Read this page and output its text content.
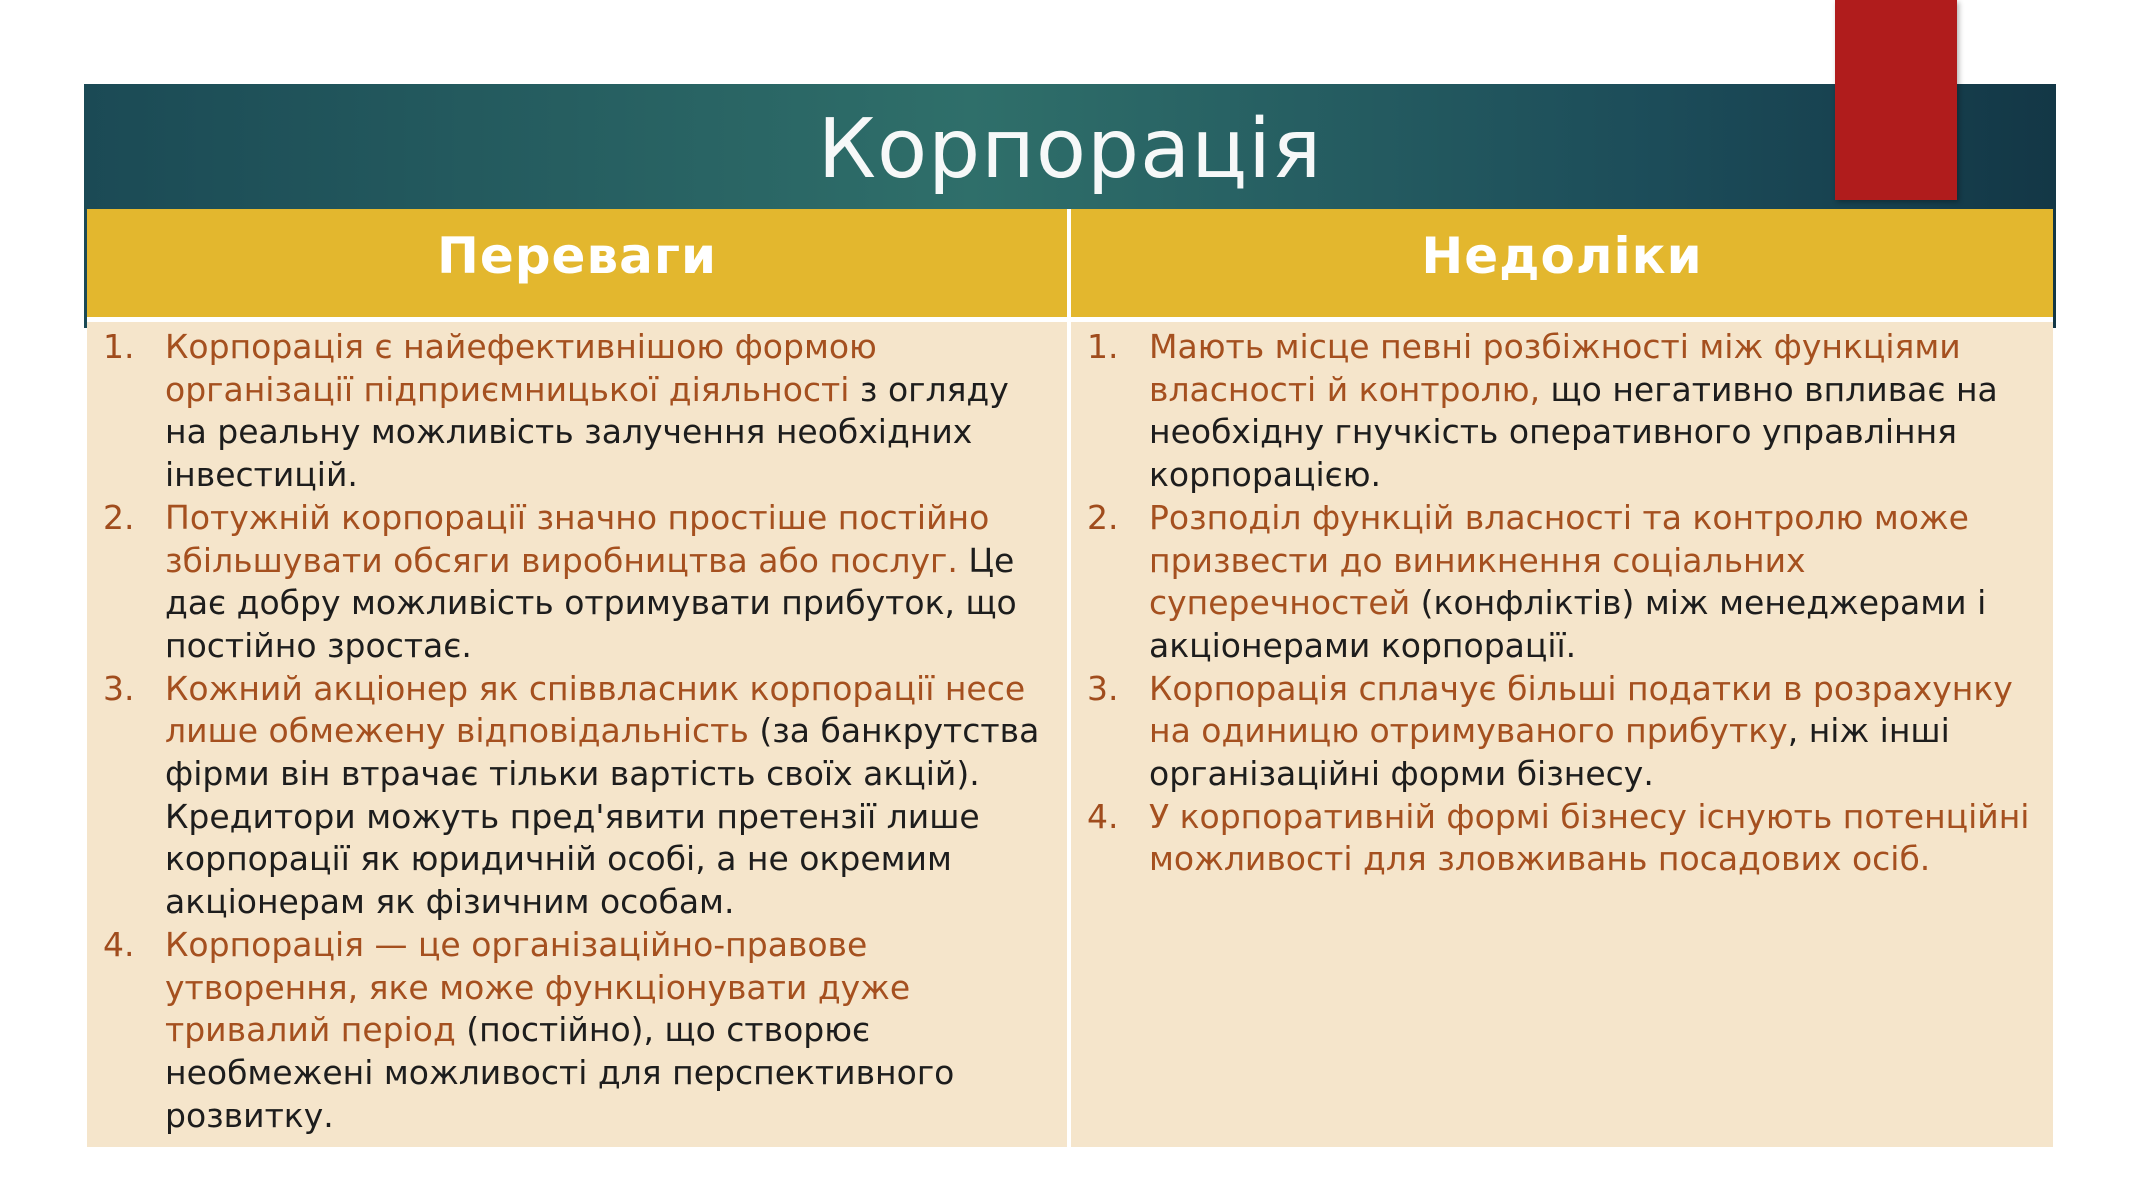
Корпорація
Переваги
1. Корпорація є найефективнішою формою організації підприємницької діяльності з огляду на реальну можливість залучення необхідних інвестицій.
2. Потужній корпорації значно простіше постійно збільшувати обсяги виробництва або послуг. Це дає добру можливість отримувати прибуток, що постійно зростає.
3. Кожний акціонер як співвласник корпорації несе лише обмежену відповідальність (за банкрутства фірми він втрачає тільки вартість своїх акцій). Кредитори можуть пред'явити претензії лише корпорації як юридичній особі, а не окремим акціонерам як фізичним особам.
4. Корпорація — це організаційно-правове утворення, яке може функціонувати дуже тривалий період (постійно), що створює необмежені можливості для перспективного розвитку.
Недоліки
1. Мають місце певні розбіжності між функціями власності й контролю, що негативно впливає на необхідну гнучкість оперативного управління корпорацією.
2. Розподіл функцій власності та контролю може призвести до виникнення соціальних суперечностей (конфліктів) між менеджерами і акціонерами корпорації.
3. Корпорація сплачує більші податки в розрахунку на одиницю отримуваного прибутку, ніж інші організаційні форми бізнесу.
4. У корпоративній формі бізнесу існують потенційні можливості для зловживань посадових осіб.
